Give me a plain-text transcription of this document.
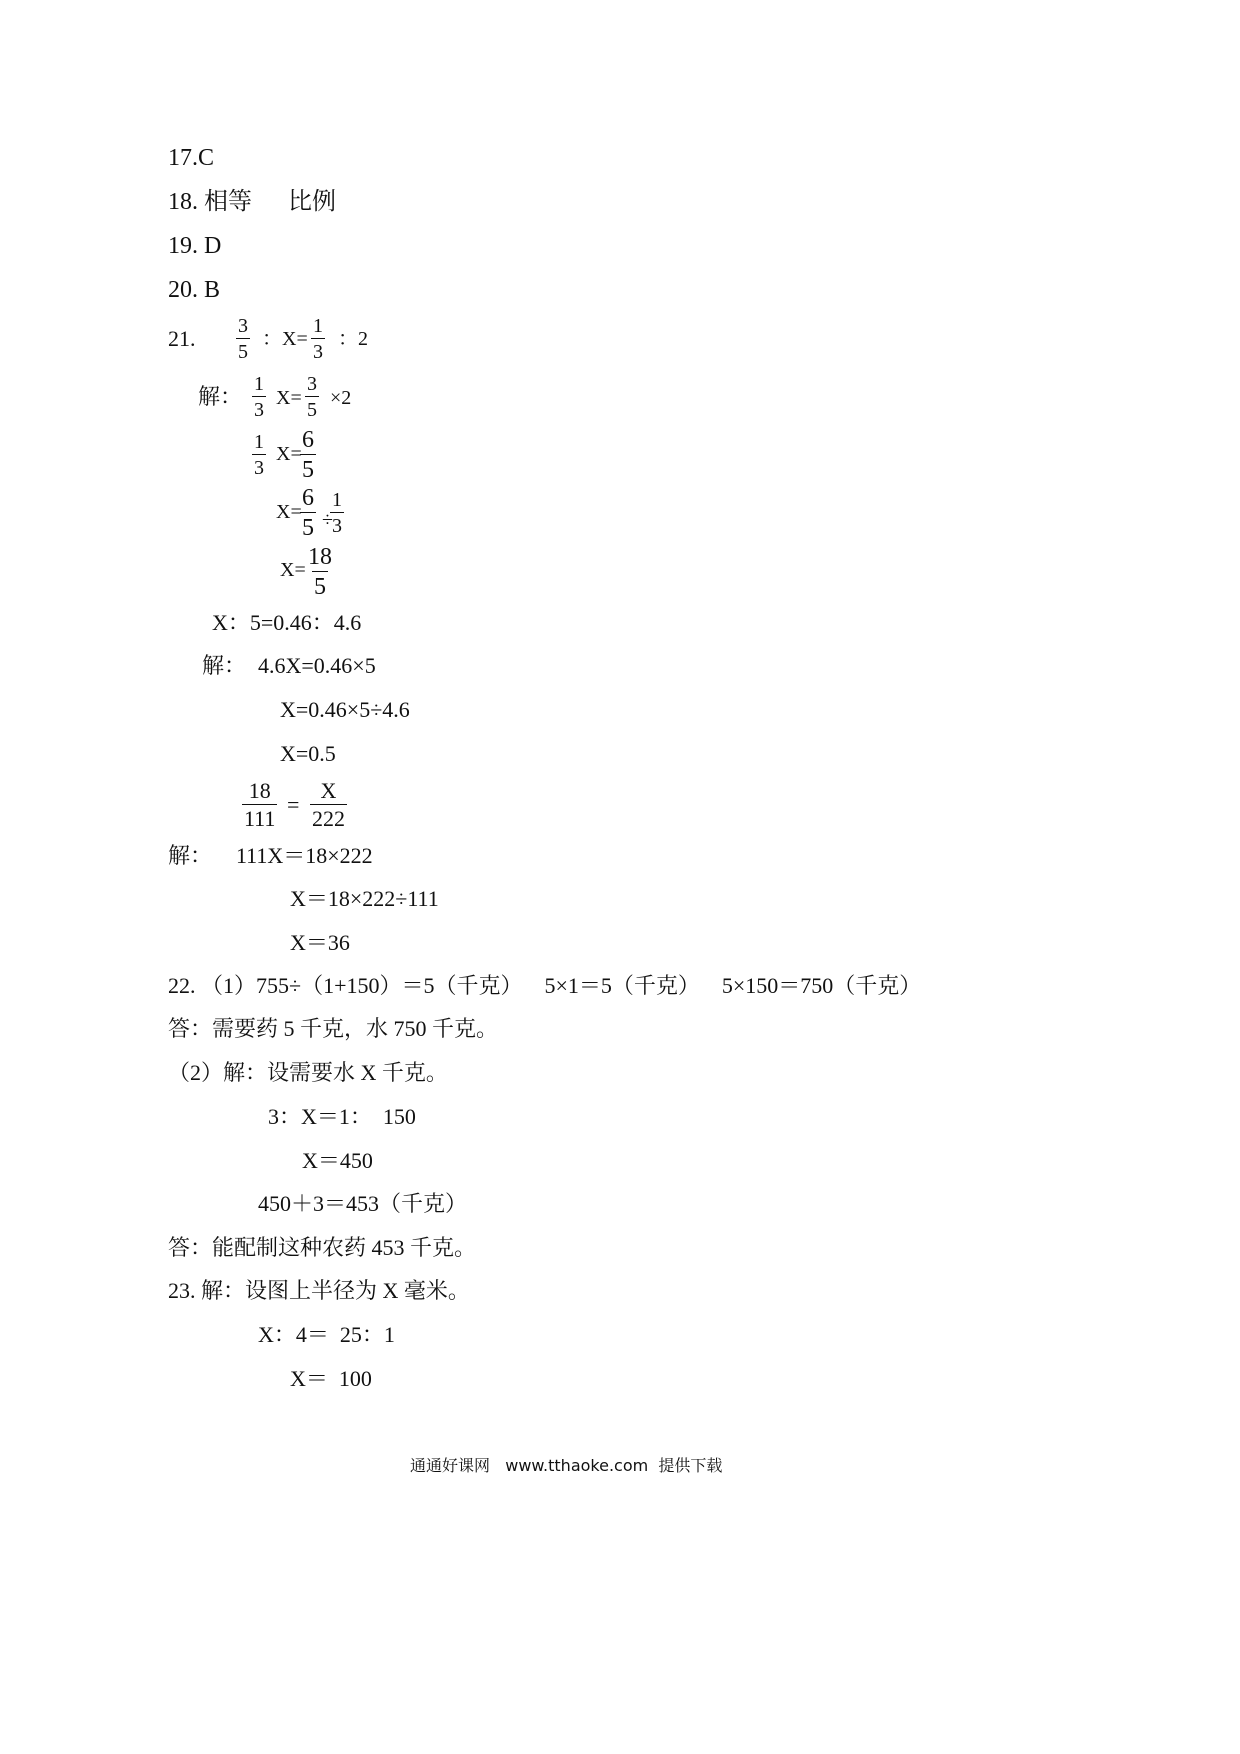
17.C
18. 相等      比例
19. D
20. B
21. $\frac{3}{5}$ ：$X= \frac{1}{3}$ ：2
解： $\frac{1}{3} X= \frac{3}{5} \times 2$
$\frac{1}{3} X=$
$\frac{6}{5}$
X=
$\frac{6}{5}$ ÷
$\frac{1}{3}$
$X= \frac{18}{5}$
X：5=0.46：4.6
解： 4.6X=0.46×5
X=0.46×5÷4.6
X=0.5
$\frac{18}{111} = \frac{X}{222}$
解： 111X＝18×222
X＝18×222÷111
X＝36
22. （1）755÷（1+150）＝5（千克）    5×1＝5（千克）    5×150＝750（千克）
答：需要药 5 千克，水 750 千克。
（2）解：设需要水 X 千克。
3：X＝1：  150
X＝450
450＋3＝453（千克）
答：能配制这种农药 453 千克。
23. 解：设图上半径为 X 毫米。
X：4＝  25：1
X＝  100
通通好课网   www.tthaoke.com  提供下载
